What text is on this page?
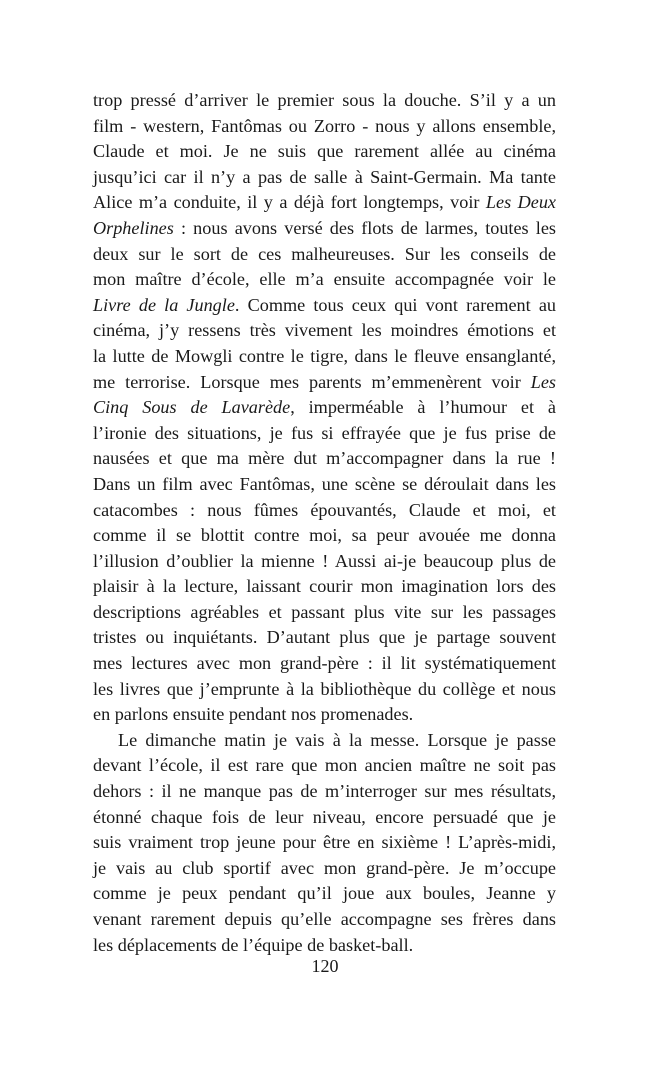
trop pressé d’arriver le premier sous la douche. S’il y a un
film - western, Fantômas ou Zorro - nous y allons ensemble,
Claude et moi. Je ne suis que rarement allée au cinéma
jusqu’ici car il n’y a pas de salle à Saint-Germain. Ma tante
Alice m’a conduite, il y a déjà fort longtemps, voir Les Deux
Orphelines : nous avons versé des flots de larmes, toutes les
deux sur le sort de ces malheureuses. Sur les conseils de
mon maître d’école, elle m’a ensuite accompagnée voir le
Livre de la Jungle. Comme tous ceux qui vont rarement au
cinéma, j’y ressens très vivement les moindres émotions et
la lutte de Mowgli contre le tigre, dans le fleuve ensanglanté,
me terrorise. Lorsque mes parents m’emmenèrent voir Les
Cinq Sous de Lavarède, imperméable à l’humour et à
l’ironie des situations, je fus si effrayée que je fus prise de
nausées et que ma mère dut m’accompagner dans la rue !
Dans un film avec Fantômas, une scène se déroulait dans les
catacombes : nous fûmes épouvantés, Claude et moi, et
comme il se blottit contre moi, sa peur avouée me donna
l’illusion d’oublier la mienne ! Aussi ai-je beaucoup plus de
plaisir à la lecture, laissant courir mon imagination lors des
descriptions agréables et passant plus vite sur les passages
tristes ou inquiétants. D’autant plus que je partage souvent
mes lectures avec mon grand-père : il lit systématiquement
les livres que j’emprunte à la bibliothèque du collège et nous
en parlons ensuite pendant nos promenades.
Le dimanche matin je vais à la messe. Lorsque je passe
devant l’école, il est rare que mon ancien maître ne soit pas
dehors : il ne manque pas de m’interroger sur mes résultats,
étonné chaque fois de leur niveau, encore persuadé que je
suis vraiment trop jeune pour être en sixième ! L’après-midi,
je vais au club sportif avec mon grand-père. Je m’occupe
comme je peux pendant qu’il joue aux boules, Jeanne y
venant rarement depuis qu’elle accompagne ses frères dans
les déplacements de l’équipe de basket-ball.
120
